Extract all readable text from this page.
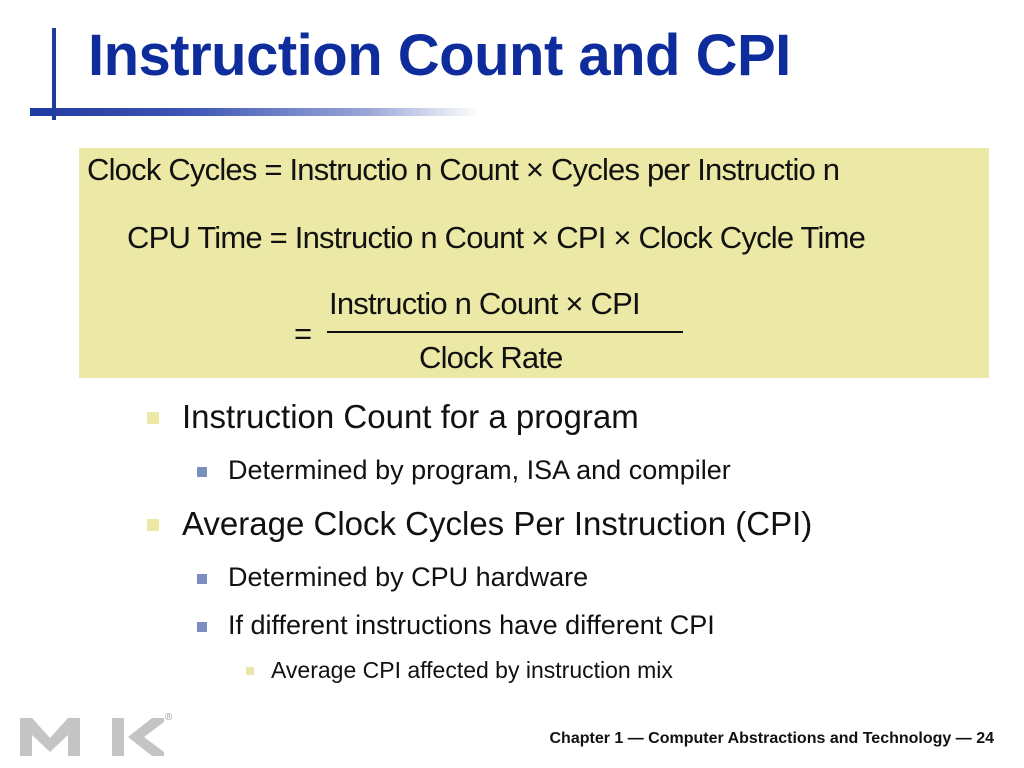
Instruction Count and CPI
Clock Cycles = Instructio n Count × Cycles per Instructio n
CPU Time = Instructio n Count × CPI × Clock Cycle Time
=
Instructio n Count × CPI
Clock Rate
Instruction Count for a program
Determined by program, ISA and compiler
Average Clock Cycles Per Instruction (CPI)
Determined by CPU hardware
If different instructions have different CPI
Average CPI affected by instruction mix
®
Chapter 1 — Computer Abstractions and Technology — 24
